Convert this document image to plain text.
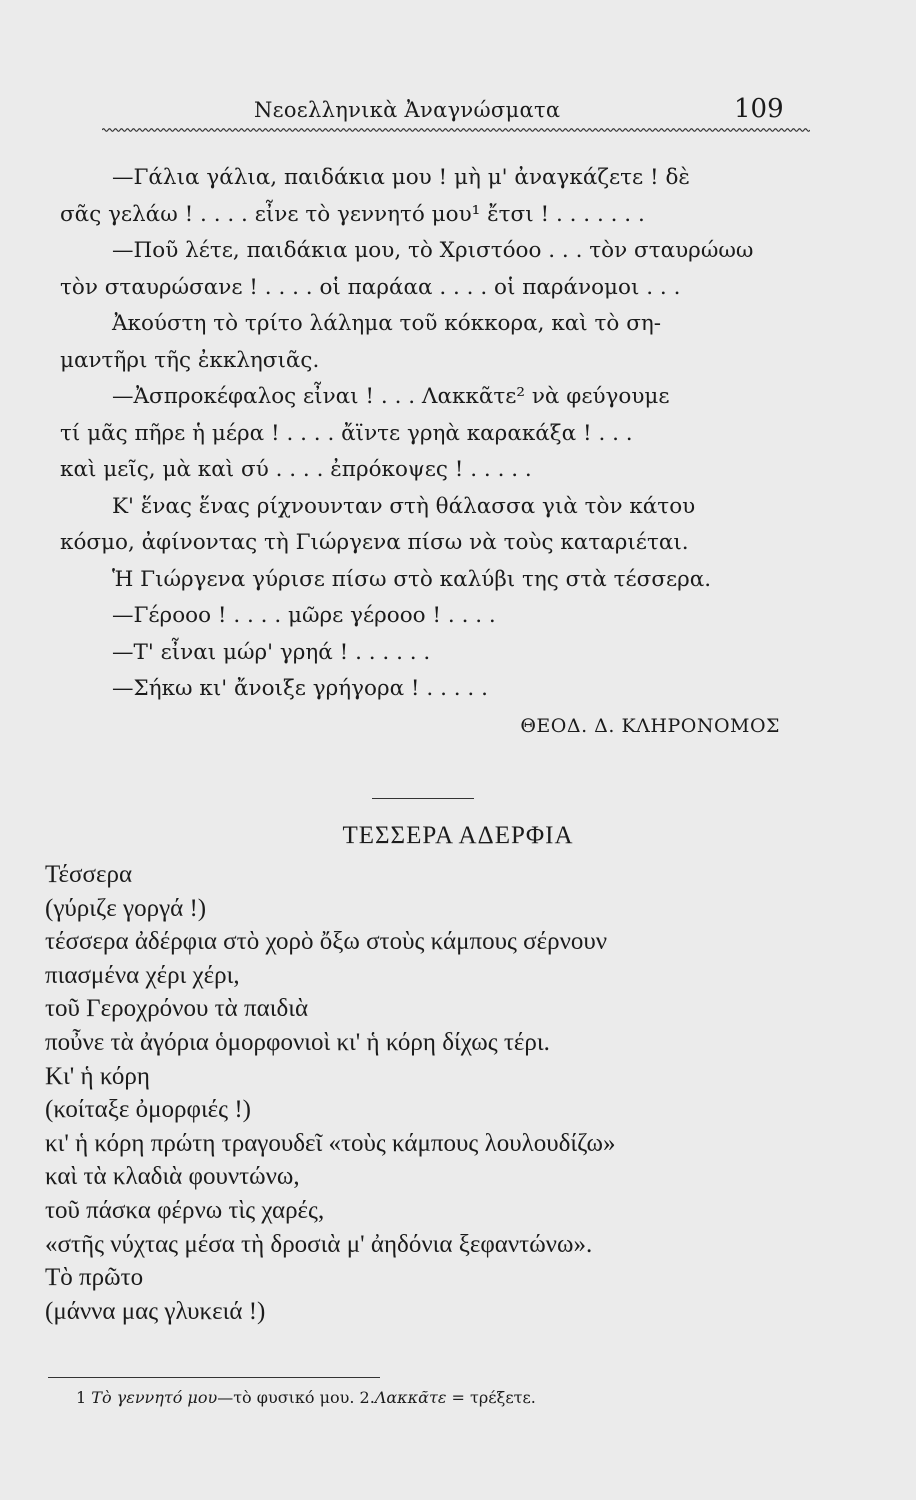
Νεοελληνικὰ Ἀναγνώσματα	109
—Γάλια γάλια, παιδάκια μου ! μὴ μ' ἀναγκάζετε ! δὲ
σᾶς γελάω ! . . . . εἶνε τὸ γεννητό μου¹ ἔτσι ! . . . . . . .
—Ποῦ λέτε, παιδάκια μου, τὸ Χριστόοο . . . τὸν σταυρώωω
τὸν σταυρώσανε ! . . . . οἱ παράαα . . . . οἱ παράνομοι . . .
Ἀκούστη τὸ τρίτο λάλημα τοῦ κόκκορα, καὶ τὸ ση-
μαντῆρι τῆς ἐκκλησιᾶς.
—Ἀσπροκέφαλος εἶναι ! . . . Λακκᾶτε² νὰ φεύγουμε
τί μᾶς πῆρε ἡ μέρα ! . . . . ἄϊντε γρηὰ καρακάξα ! . . .
καὶ μεῖς, μὰ καὶ σύ . . . . ἐπρόκοψες ! . . . . .
Κ' ἕνας ἕνας ρίχνουνταν στὴ θάλασσα γιὰ τὸν κάτου
κόσμο, ἀφίνοντας τὴ Γιώργενα πίσω νὰ τοὺς καταριέται.
Ἡ Γιώργενα γύρισε πίσω στὸ καλύβι της στὰ τέσσερα.
—Γέροοο ! . . . . μῶρε γέροοο ! . . . .
—Τ' εἶναι μώρ' γρηά ! . . . . . .
—Σήκω κι' ἄνοιξε γρήγορα ! . . . . .
ΘΕΟΔ. Δ. ΚΛΗΡΟΝΟΜΟΣ
ΤΕΣΣΕΡΑ ΑΔΕΡΦΙΑ
Τέσσερα
(γύριζε γοργά !)
τέσσερα ἀδέρφια στὸ χορὸ ὄξω στοὺς κάμπους σέρνουν
πιασμένα χέρι χέρι,
τοῦ Γεροχρόνου τὰ παιδιὰ
ποὖνε τὰ ἀγόρια ὁμορφονιοὶ κι' ἡ κόρη δίχως τέρι.
Κι' ἡ κόρη
(κοίταξε ὀμορφιές !)
κι' ἡ κόρη πρώτη τραγουδεῖ «τοὺς κάμπους λουλουδίζω»
καὶ τὰ κλαδιὰ φουντώνω,
τοῦ πάσκα φέρνω τὶς χαρές,
«στῆς νύχτας μέσα τὴ δροσιὰ μ' ἀηδόνια ξεφαντώνω».
Τὸ πρῶτο
(μάννα μας γλυκειά !)
1 Τὸ γεννητό μου—τὸ φυσικό μου. 2.Λακκᾶτε = τρέξετε.
